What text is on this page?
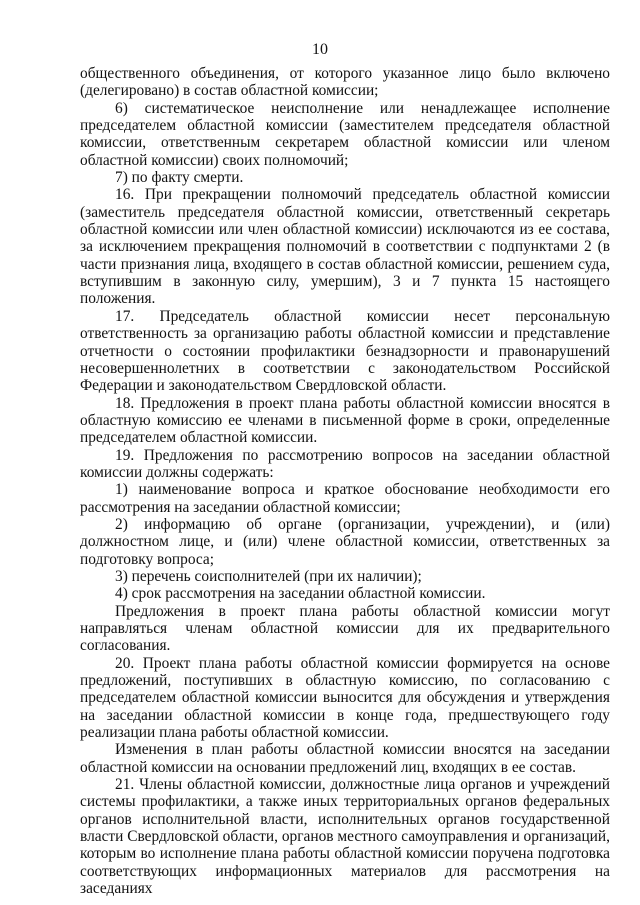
10

общественного объединения, от которого указанное лицо было включено (делегировано) в состав областной комиссии;

6) систематическое неисполнение или ненадлежащее исполнение председателем областной комиссии (заместителем председателя областной комиссии, ответственным секретарем областной комиссии или членом областной комиссии) своих полномочий;

7) по факту смерти.

16. При прекращении полномочий председатель областной комиссии (заместитель председателя областной комиссии, ответственный секретарь областной комиссии или член областной комиссии) исключаются из ее состава, за исключением прекращения полномочий в соответствии с подпунктами 2 (в части признания лица, входящего в состав областной комиссии, решением суда, вступившим в законную силу, умершим), 3 и 7 пункта 15 настоящего положения.

17. Председатель областной комиссии несет персональную ответственность за организацию работы областной комиссии и представление отчетности о состоянии профилактики безнадзорности и правонарушений несовершеннолетних в соответствии с законодательством Российской Федерации и законодательством Свердловской области.

18. Предложения в проект плана работы областной комиссии вносятся в областную комиссию ее членами в письменной форме в сроки, определенные председателем областной комиссии.

19. Предложения по рассмотрению вопросов на заседании областной комиссии должны содержать:

1) наименование вопроса и краткое обоснование необходимости его рассмотрения на заседании областной комиссии;

2) информацию об органе (организации, учреждении), и (или) должностном лице, и (или) члене областной комиссии, ответственных за подготовку вопроса;

3) перечень соисполнителей (при их наличии);

4) срок рассмотрения на заседании областной комиссии.

Предложения в проект плана работы областной комиссии могут направляться членам областной комиссии для их предварительного согласования.

20. Проект плана работы областной комиссии формируется на основе предложений, поступивших в областную комиссию, по согласованию с председателем областной комиссии выносится для обсуждения и утверждения на заседании областной комиссии в конце года, предшествующего году реализации плана работы областной комиссии.

Изменения в план работы областной комиссии вносятся на заседании областной комиссии на основании предложений лиц, входящих в ее состав.

21. Члены областной комиссии, должностные лица органов и учреждений системы профилактики, а также иных территориальных органов федеральных органов исполнительной власти, исполнительных органов государственной власти Свердловской области, органов местного самоуправления и организаций, которым во исполнение плана работы областной комиссии поручена подготовка соответствующих информационных материалов для рассмотрения на заседаниях
